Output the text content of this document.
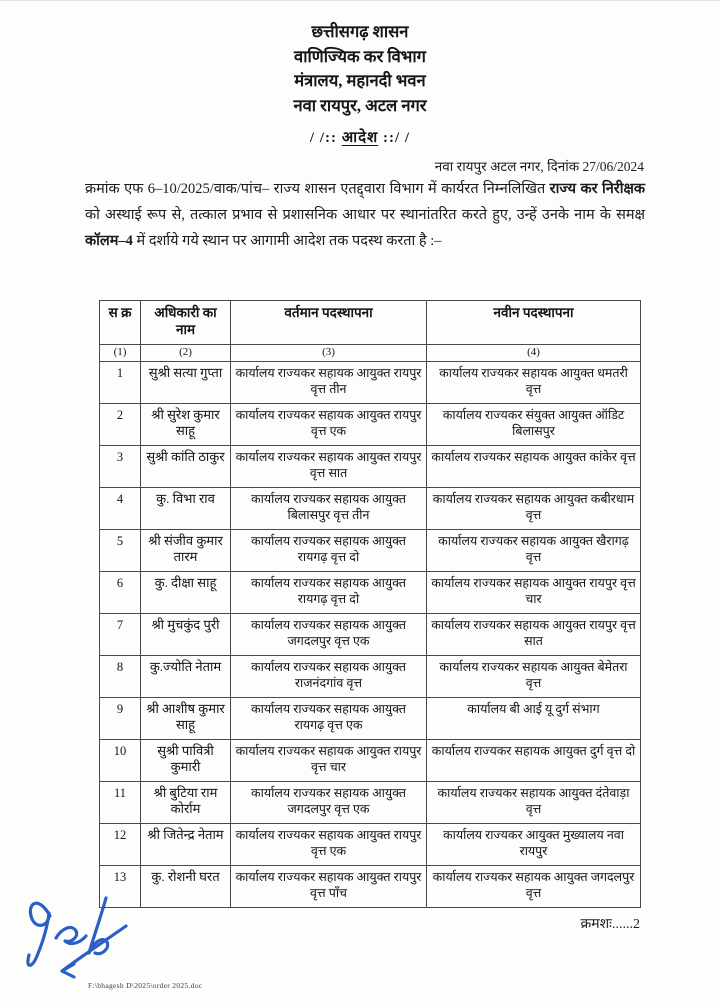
छत्तीसगढ़ शासन
वाणिज्यिक कर विभाग
मंत्रालय, महानदी भवन
नवा रायपुर, अटल नगर
/ /:: आदेश ::/ /
नवा रायपुर अटल नगर, दिनांक 27/06/2024

क्रमांक एफ 6–10/2025/वाक/पांच– राज्य शासन एतद्द्वारा विभाग में कार्यरत निम्नलिखित राज्य कर निरीक्षक को अस्थाई रूप से, तत्काल प्रभाव से प्रशासनिक आधार पर स्थानांतरित करते हुए, उन्हें उनके नाम के समक्ष कॉलम–4 में दर्शाये गये स्थान पर आगामी आदेश तक पदस्थ करता है :–

स क्र	अधिकारी का नाम	वर्तमान पदस्थापना	नवीन पदस्थापना
(1)	(2)	(3)	(4)
1	सुश्री सत्या गुप्ता	कार्यालय राज्यकर सहायक आयुक्त रायपुर वृत्त तीन	कार्यालय राज्यकर सहायक आयुक्त धमतरी वृत्त
2	श्री सुरेश कुमार साहू	कार्यालय राज्यकर सहायक आयुक्त रायपुर वृत्त एक	कार्यालय राज्यकर संयुक्त आयुक्त ऑडिट बिलासपुर
3	सुश्री कांति ठाकुर	कार्यालय राज्यकर सहायक आयुक्त रायपुर वृत्त सात	कार्यालय राज्यकर सहायक आयुक्त कांकेर वृत्त
4	कु. विभा राव	कार्यालय राज्यकर सहायक आयुक्त बिलासपुर वृत्त तीन	कार्यालय राज्यकर सहायक आयुक्त कबीरधाम वृत्त
5	श्री संजीव कुमार तारम	कार्यालय राज्यकर सहायक आयुक्त रायगढ़ वृत्त दो	कार्यालय राज्यकर सहायक आयुक्त खैरागढ़ वृत्त
6	कु. दीक्षा साहू	कार्यालय राज्यकर सहायक आयुक्त रायगढ़ वृत्त दो	कार्यालय राज्यकर सहायक आयुक्त रायपुर वृत्त चार
7	श्री मुचकुंद पुरी	कार्यालय राज्यकर सहायक आयुक्त जगदलपुर वृत्त एक	कार्यालय राज्यकर सहायक आयुक्त रायपुर वृत्त सात
8	कु.ज्योति नेताम	कार्यालय राज्यकर सहायक आयुक्त राजनंदगांव वृत्त	कार्यालय राज्यकर सहायक आयुक्त बेमेतरा वृत्त
9	श्री आशीष कुमार साहू	कार्यालय राज्यकर सहायक आयुक्त रायगढ़ वृत्त एक	कार्यालय बी आई यू दुर्ग संभाग
10	सुश्री पावित्री कुमारी	कार्यालय राज्यकर सहायक आयुक्त रायपुर वृत्त चार	कार्यालय राज्यकर सहायक आयुक्त दुर्ग वृत्त दो
11	श्री बुटिया राम कोर्राम	कार्यालय राज्यकर सहायक आयुक्त जगदलपुर वृत्त एक	कार्यालय राज्यकर सहायक आयुक्त दंतेवाड़ा वृत्त
12	श्री जितेन्द्र नेताम	कार्यालय राज्यकर सहायक आयुक्त रायपुर वृत्त एक	कार्यालय राज्यकर आयुक्त मुख्यालय नवा रायपुर
13	कु. रोशनी घरत	कार्यालय राज्यकर सहायक आयुक्त रायपुर वृत्त पाँच	कार्यालय राज्यकर सहायक आयुक्त जगदलपुर वृत्त
क्रमशः......2
F:\bhagesh D\2025\order 2025.doc
